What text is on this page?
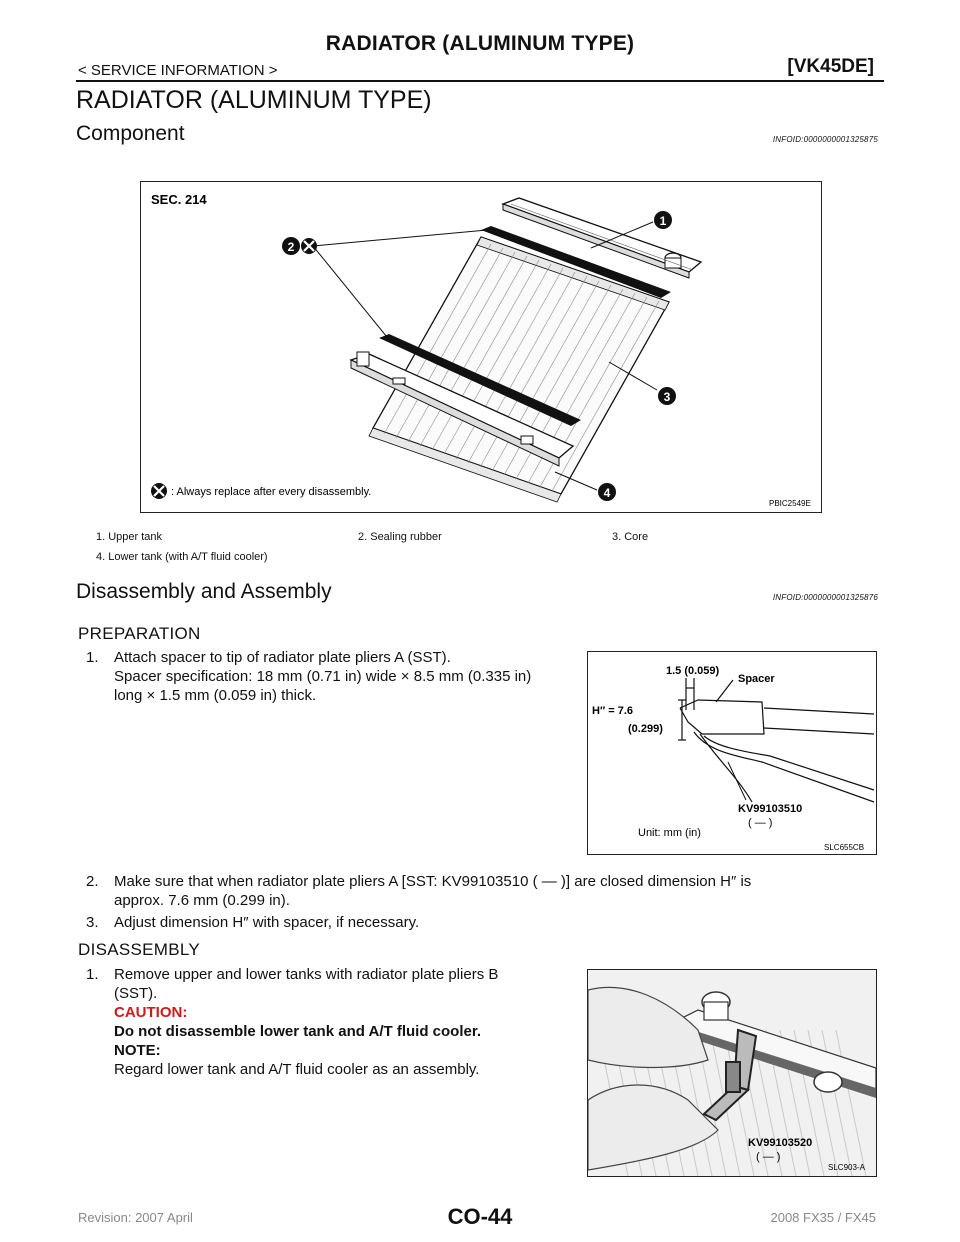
RADIATOR (ALUMINUM TYPE)
< SERVICE INFORMATION >	[VK45DE]
RADIATOR (ALUMINUM TYPE)
Component	INFOID:0000000001325875
SEC. 214
1
2
3
4
: Always replace after every disassembly.
PBIC2549E
1. Upper tank	2. Sealing rubber	3. Core
4. Lower tank (with A/T fluid cooler)
Disassembly and Assembly	INFOID:0000000001325876
PREPARATION
1. Attach spacer to tip of radiator plate pliers A (SST).
Spacer specification: 18 mm (0.71 in) wide × 8.5 mm (0.335 in)
long × 1.5 mm (0.059 in) thick.
1.5 (0.059)
Spacer
H″ = 7.6
(0.299)
KV99103510
( — )
Unit: mm (in)
SLC655CB
2. Make sure that when radiator plate pliers A [SST: KV99103510 ( — )] are closed dimension H″ is
approx. 7.6 mm (0.299 in).
3. Adjust dimension H″ with spacer, if necessary.
DISASSEMBLY
1. Remove upper and lower tanks with radiator plate pliers B
(SST).
CAUTION:
Do not disassemble lower tank and A/T fluid cooler.
NOTE:
Regard lower tank and A/T fluid cooler as an assembly.
KV99103520
( — )
SLC903-A
Revision: 2007 April	CO-44	2008 FX35 / FX45
